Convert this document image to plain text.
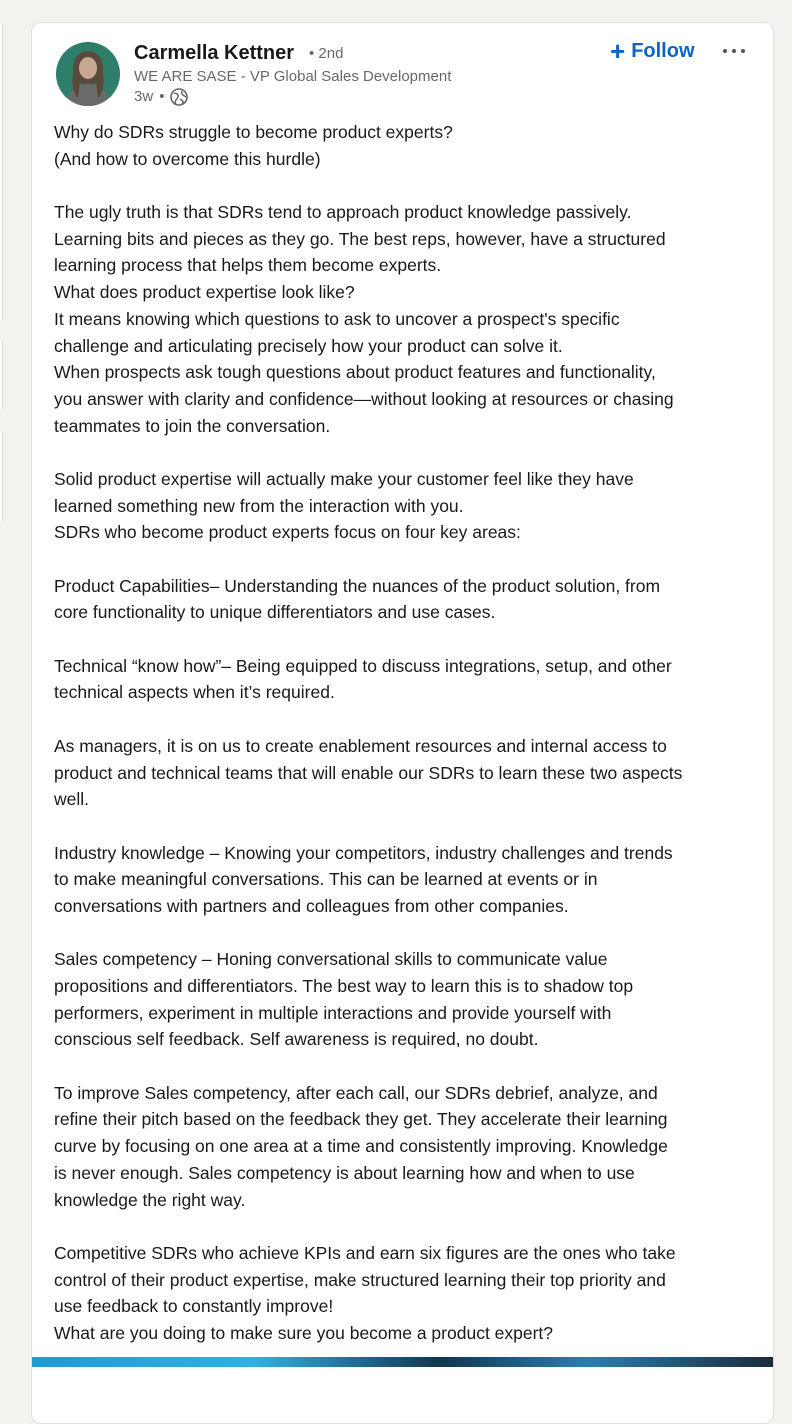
Carmella Kettner • 2nd
WE ARE SASE - VP Global Sales Development
3w •
+ Follow
Why do SDRs struggle to become product experts?
(And how to overcome this hurdle)
The ugly truth is that SDRs tend to approach product knowledge passively.
Learning bits and pieces as they go. The best reps, however, have a structured
learning process that helps them become experts.
What does product expertise look like?
It means knowing which questions to ask to uncover a prospect's specific
challenge and articulating precisely how your product can solve it.
When prospects ask tough questions about product features and functionality,
you answer with clarity and confidence—without looking at resources or chasing
teammates to join the conversation.
Solid product expertise will actually make your customer feel like they have
learned something new from the interaction with you.
SDRs who become product experts focus on four key areas:
Product Capabilities– Understanding the nuances of the product solution, from
core functionality to unique differentiators and use cases.
Technical “know how”– Being equipped to discuss integrations, setup, and other
technical aspects when it’s required.
As managers, it is on us to create enablement resources and internal access to
product and technical teams that will enable our SDRs to learn these two aspects
well.
Industry knowledge – Knowing your competitors, industry challenges and trends
to make meaningful conversations. This can be learned at events or in
conversations with partners and colleagues from other companies.
Sales competency – Honing conversational skills to communicate value
propositions and differentiators. The best way to learn this is to shadow top
performers, experiment in multiple interactions and provide yourself with
conscious self feedback. Self awareness is required, no doubt.
To improve Sales competency, after each call, our SDRs debrief, analyze, and
refine their pitch based on the feedback they get. They accelerate their learning
curve by focusing on one area at a time and consistently improving. Knowledge
is never enough. Sales competency is about learning how and when to use
knowledge the right way.
Competitive SDRs who achieve KPIs and earn six figures are the ones who take
control of their product expertise, make structured learning their top priority and
use feedback to constantly improve!
What are you doing to make sure you become a product expert?
